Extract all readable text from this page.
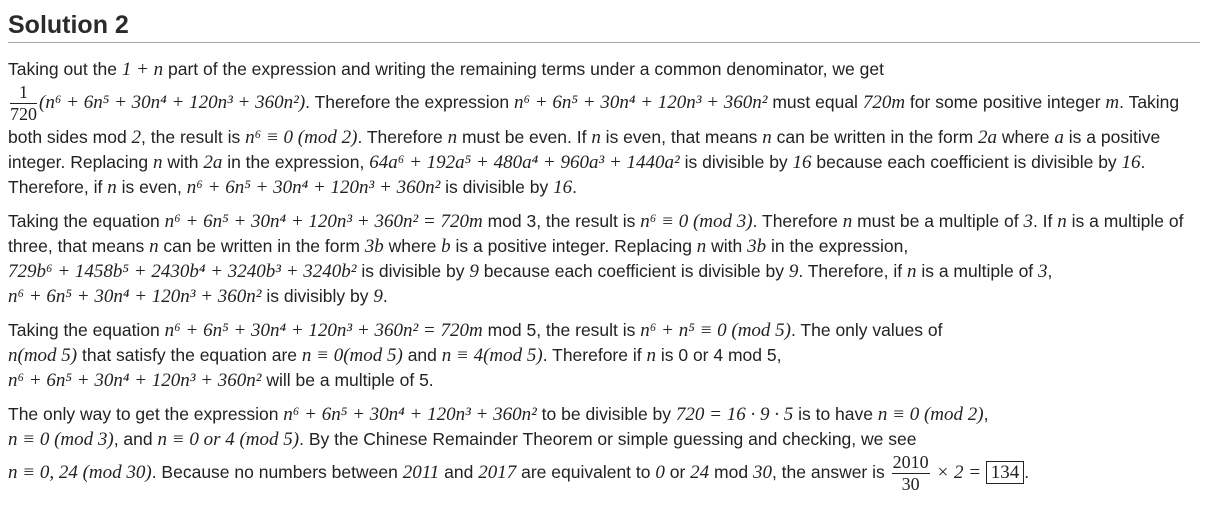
Solution 2

Taking out the 1 + n part of the expression and writing the remaining terms under a common denominator, we get

$\frac{1}{720} (n^6 + 6n^5 + 30n^4 + 120n^3 + 360n^2)$. Therefore the expression n⁶ + 6n⁵ + 30n⁴ + 120n³ + 360n² must equal 720m for some positive integer m. Taking both sides mod 2, the result is n⁶ ≡ 0 (mod 2). Therefore n must be even. If n is even, that means n can be written in the form 2a where a is a positive integer. Replacing n with 2a in the expression, 64a⁶ + 192a⁵ + 480a⁴ + 960a³ + 1440a² is divisible by 16 because each coefficient is divisible by 16. Therefore, if n is even, n⁶ + 6n⁵ + 30n⁴ + 120n³ + 360n² is divisible by 16.

Taking the equation n⁶ + 6n⁵ + 30n⁴ + 120n³ + 360n² = 720m mod 3, the result is n⁶ ≡ 0 (mod 3). Therefore n must be a multiple of 3. If n is a multiple of three, that means n can be written in the form 3b where b is a positive integer. Replacing n with 3b in the expression, 729b⁶ + 1458b⁵ + 2430b⁴ + 3240b³ + 3240b² is divisible by 9 because each coefficient is divisible by 9. Therefore, if n is a multiple of 3,
n⁶ + 6n⁵ + 30n⁴ + 120n³ + 360n² is divisibly by 9.

Taking the equation n⁶ + 6n⁵ + 30n⁴ + 120n³ + 360n² = 720m mod 5, the result is n⁶ + n⁵ ≡ 0 (mod 5). The only values of
n(mod 5) that satisfy the equation are n ≡ 0(mod 5) and n ≡ 4(mod 5). Therefore if n is 0 or 4 mod 5,
n⁶ + 6n⁵ + 30n⁴ + 120n³ + 360n² will be a multiple of 5.

The only way to get the expression n⁶ + 6n⁵ + 30n⁴ + 120n³ + 360n² to be divisible by 720 = 16 · 9 · 5 is to have n ≡ 0 (mod 2),
n ≡ 0 (mod 3), and n ≡ 0 or 4 (mod 5). By the Chinese Remainder Theorem or simple guessing and checking, we see
n ≡ 0, 24 (mod 30). Because no numbers between 2011 and 2017 are equivalent to 0 or 24 mod 30, the answer is $\frac{2010}{30} \times 2 = 134$ .
